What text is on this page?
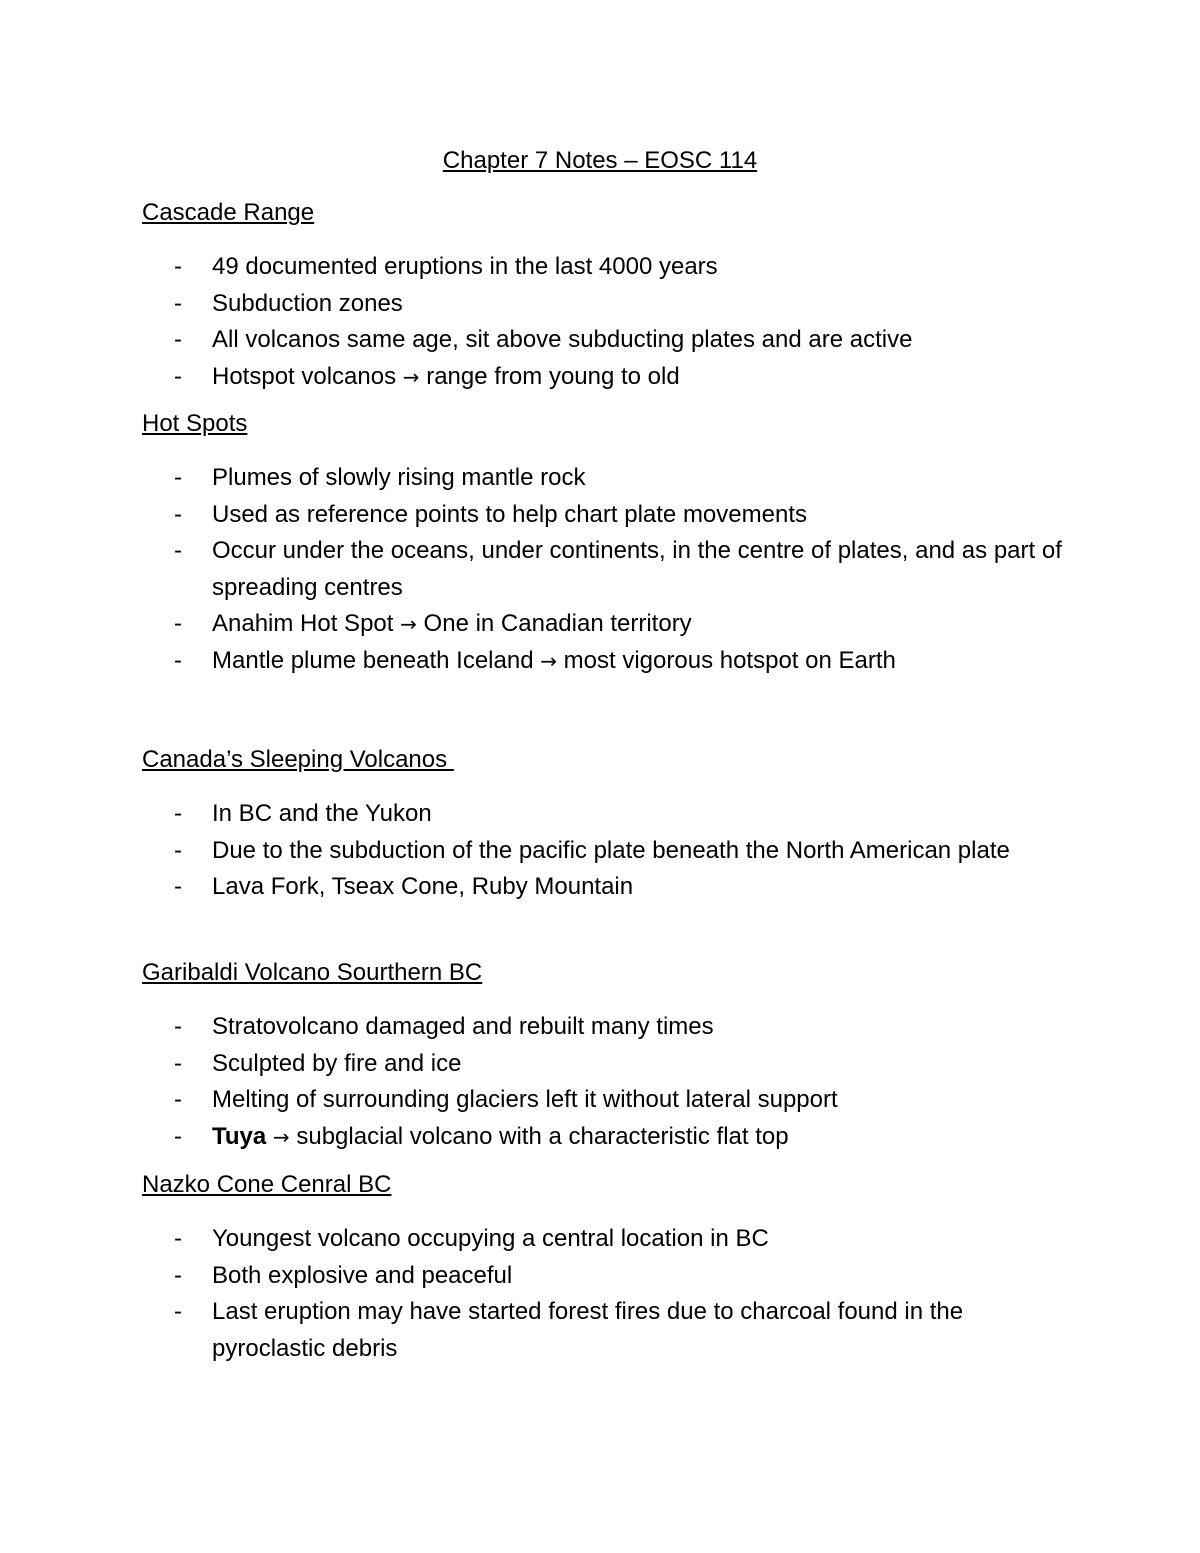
Chapter 7 Notes – EOSC 114
Cascade Range
- 49 documented eruptions in the last 4000 years
- Subduction zones
- All volcanos same age, sit above subducting plates and are active
- Hotspot volcanos → range from young to old
Hot Spots
- Plumes of slowly rising mantle rock
- Used as reference points to help chart plate movements
- Occur under the oceans, under continents, in the centre of plates, and as part of spreading centres
- Anahim Hot Spot → One in Canadian territory
- Mantle plume beneath Iceland → most vigorous hotspot on Earth
Canada’s Sleeping Volcanos
- In BC and the Yukon
- Due to the subduction of the pacific plate beneath the North American plate
- Lava Fork, Tseax Cone, Ruby Mountain
Garibaldi Volcano Sourthern BC
- Stratovolcano damaged and rebuilt many times
- Sculpted by fire and ice
- Melting of surrounding glaciers left it without lateral support
- Tuya → subglacial volcano with a characteristic flat top
Nazko Cone Cenral BC
- Youngest volcano occupying a central location in BC
- Both explosive and peaceful
- Last eruption may have started forest fires due to charcoal found in the pyroclastic debris
